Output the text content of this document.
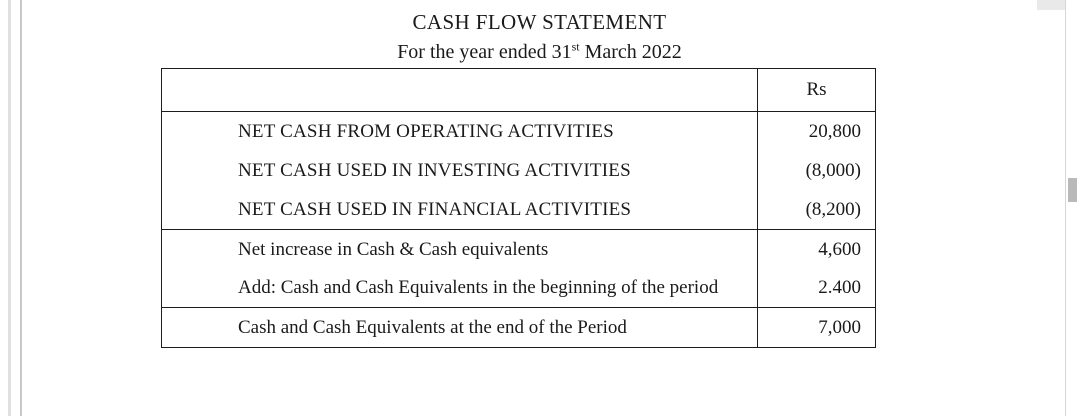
CASH FLOW STATEMENT
For the year ended 31st March 2022
	Rs
NET CASH FROM OPERATING ACTIVITIES	20,800
NET CASH USED IN INVESTING ACTIVITIES	(8,000)
NET CASH USED IN FINANCIAL ACTIVITIES	(8,200)
Net increase in Cash & Cash equivalents	4,600
Add: Cash and Cash Equivalents in the beginning of the period	2.400
Cash and Cash Equivalents at the end of the Period	7,000
